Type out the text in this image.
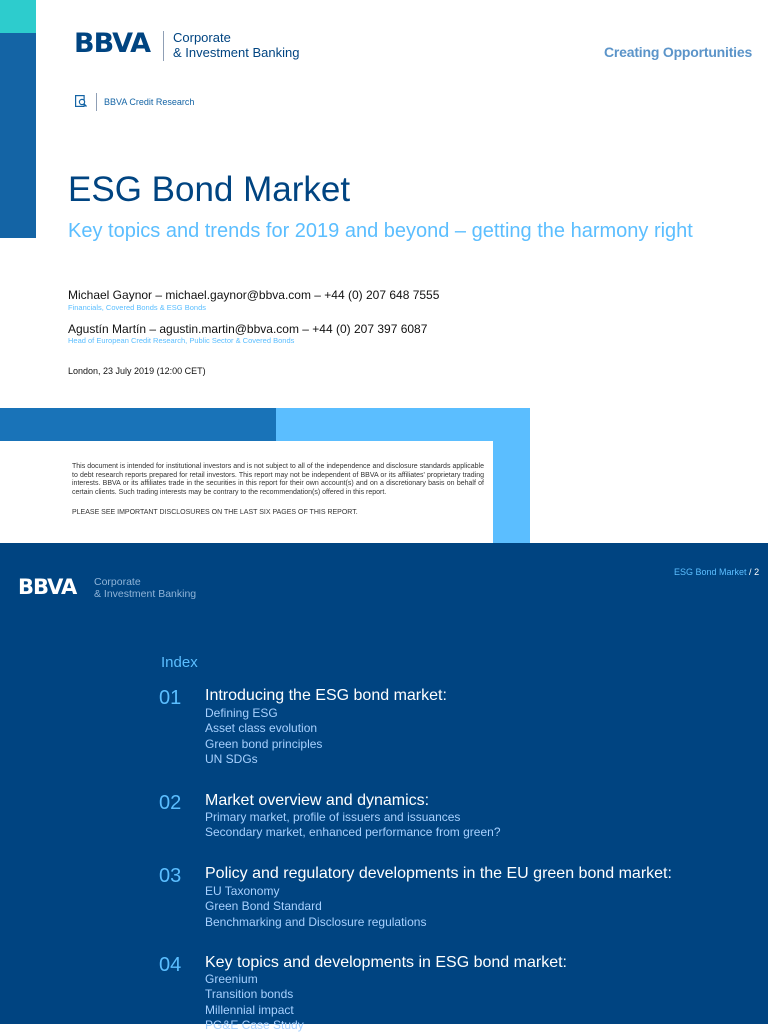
BBVA Corporate
& Investment Banking	Creating Opportunities
BBVA Credit Research
ESG Bond Market
Key topics and trends for 2019 and beyond – getting the harmony right
Michael Gaynor – michael.gaynor@bbva.com – +44 (0) 207 648 7555
Financials, Covered Bonds & ESG Bonds
Agustín Martín – agustin.martin@bbva.com – +44 (0) 207 397 6087
Head of European Credit Research, Public Sector & Covered Bonds
London, 23 July 2019 (12:00 CET)
This document is intended for institutional investors and is not subject to all of the independence and disclosure standards applicable to debt research reports prepared for retail investors. This report may not be independent of BBVA or its affiliates' proprietary trading interests. BBVA or its affiliates trade in the securities in this report for their own account(s) and on a discretionary basis on behalf of certain clients. Such trading interests may be contrary to the recommendation(s) offered in this report.
PLEASE SEE IMPORTANT DISCLOSURES ON THE LAST SIX PAGES OF THIS REPORT.
BBVA Corporate
& Investment Banking
ESG Bond Market / 2
Index
01 Introducing the ESG bond market:
Defining ESG
Asset class evolution
Green bond principles
UN SDGs
02 Market overview and dynamics:
Primary market, profile of issuers and issuances
Secondary market, enhanced performance from green?
03 Policy and regulatory developments in the EU green bond market:
EU Taxonomy
Green Bond Standard
Benchmarking and Disclosure regulations
04 Key topics and developments in ESG bond market:
Greenium
Transition bonds
Millennial impact
PG&E Case Study
